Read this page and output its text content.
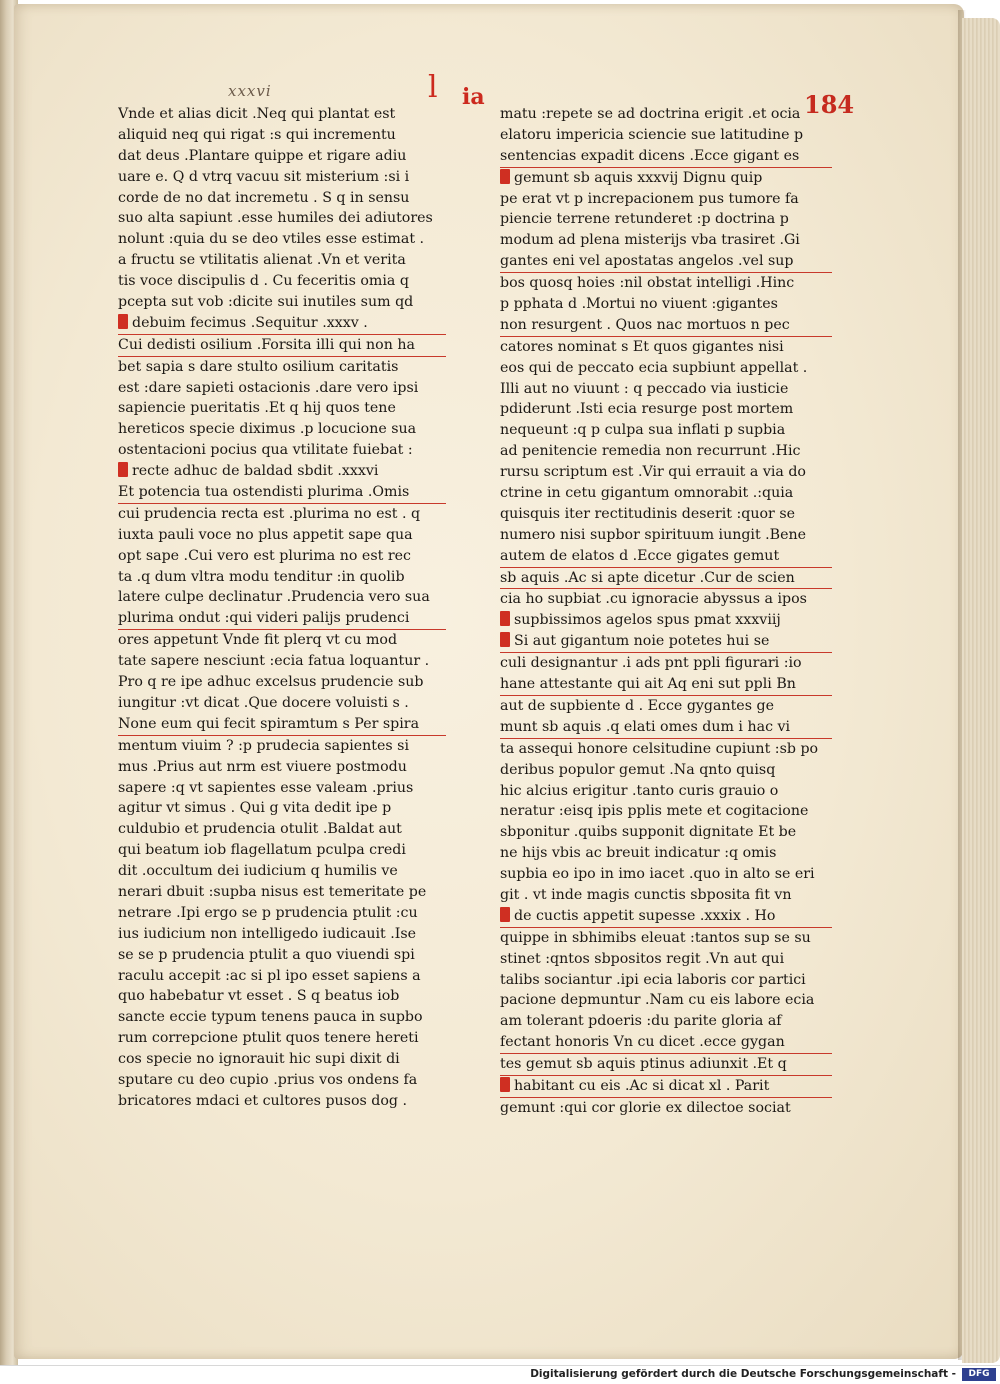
xxxvi	l ia	184
Vnde et alias dicit .Neq qui plantat est
aliquid neq qui rigat :s qui incrementu
dat deus .Plantare quippe et rigare adiu
uare e. Q d vtrq vacuu sit misterium :si i
corde de no dat incremetu . S q in sensu
suo alta sapiunt .esse humiles dei adiutores
nolunt :quia du se deo vtiles esse estimat .
a fructu se vtilitatis alienat .Vn et verita
tis voce discipulis d . Cu feceritis omia q
pcepta sut vob :dicite sui inutiles sum qd
debuim fecimus .Sequitur .xxxv .
Cui dedisti osilium .Forsita illi qui non ha
bet sapia s dare stulto osilium caritatis
est :dare sapieti ostacionis .dare vero ipsi
sapiencie pueritatis .Et q hij quos tene
hereticos specie diximus .p locucione sua
ostentacioni pocius qua vtilitate fuiebat :
recte adhuc de baldad sbdit .xxxvi
Et potencia tua ostendisti plurima .Omis
cui prudencia recta est .plurima no est . q
iuxta pauli voce no plus appetit sape qua
opt sape .Cui vero est plurima no est rec
ta .q dum vltra modu tenditur :in quolib
latere culpe declinatur .Prudencia vero sua
plurima ondut :qui videri palijs prudenci
ores appetunt Vnde fit plerq vt cu mod
tate sapere nesciunt :ecia fatua loquantur .
Pro q re ipe adhuc excelsus prudencie sub
iungitur :vt dicat .Que docere voluisti s .
None eum qui fecit spiramtum s Per spira
mentum viuim ? :p prudecia sapientes si
mus .Prius aut nrm est viuere postmodu
sapere :q vt sapientes esse valeam .prius
agitur vt simus . Qui g vita dedit ipe p
culdubio et prudencia otulit .Baldat aut
qui beatum iob flagellatum pculpa credi
dit .occultum dei iudicium q humilis ve
nerari dbuit :supba nisus est temeritate pe
netrare .Ipi ergo se p prudencia ptulit :cu
ius iudicium non intelligedo iudicauit .Ise
se se p prudencia ptulit a quo viuendi spi
raculu accepit :ac si pl ipo esset sapiens a
quo habebatur vt esset . S q beatus iob
sancte eccie typum tenens pauca in supbo
rum correpcione ptulit quos tenere hereti
cos specie no ignorauit hic supi dixit di
sputare cu deo cupio .prius vos ondens fa
bricatores mdaci et cultores pusos dog .
matu :repete se ad doctrina erigit .et ocia
elatoru impericia sciencie sue latitudine p
sentencias expadit dicens .Ecce gigant es
gemunt sb aquis xxxvij Dignu quip
pe erat vt p increpacionem pus tumore fa
piencie terrene retunderet :p doctrina p
modum ad plena misterijs vba trasiret .Gi
gantes eni vel apostatas angelos .vel sup
bos quosq hoies :nil obstat intelligi .Hinc
p pphata d .Mortui no viuent :gigantes
non resurgent . Quos nac mortuos n pec
catores nominat s Et quos gigantes nisi
eos qui de peccato ecia supbiunt appellat .
Illi aut no viuunt : q peccado via iusticie
pdiderunt .Isti ecia resurge post mortem
nequeunt :q p culpa sua inflati p supbia
ad penitencie remedia non recurrunt .Hic
rursu scriptum est .Vir qui errauit a via do
ctrine in cetu gigantum omnorabit .:quia
quisquis iter rectitudinis deserit :quor se
numero nisi supbor spirituum iungit .Bene
autem de elatos d .Ecce gigates gemut
sb aquis .Ac si apte dicetur .Cur de scien
cia ho supbiat .cu ignoracie abyssus a ipos
supbissimos agelos spus pmat xxxviij
Si aut gigantum noie potetes hui se
culi designantur .i ads pnt ppli figurari :io
hane attestante qui ait Aq eni sut ppli Bn
aut de supbiente d . Ecce gygantes ge
munt sb aquis .q elati omes dum i hac vi
ta assequi honore celsitudine cupiunt :sb po
deribus populor gemut .Na qnto quisq
hic alcius erigitur .tanto curis grauio o
neratur :eisq ipis pplis mete et cogitacione
sbponitur .quibs supponit dignitate Et be
ne hijs vbis ac breuit indicatur :q omis
supbia eo ipo in imo iacet .quo in alto se eri
git . vt inde magis cunctis sbposita fit vn
de cuctis appetit supesse .xxxix . Ho
quippe in sbhimibs eleuat :tantos sup se su
stinet :qntos sbpositos regit .Vn aut qui
talibs sociantur .ipi ecia laboris cor partici
pacione depmuntur .Nam cu eis labore ecia
am tolerant pdoeris :du parite gloria af
fectant honoris Vn cu dicet .ecce gygan
tes gemut sb aquis ptinus adiunxit .Et q
habitant cu eis .Ac si dicat xl . Parit
gemunt :qui cor glorie ex dilectoe sociat
Digitalisierung gefördert durch die Deutsche Forschungsgemeinschaft -	DFG
